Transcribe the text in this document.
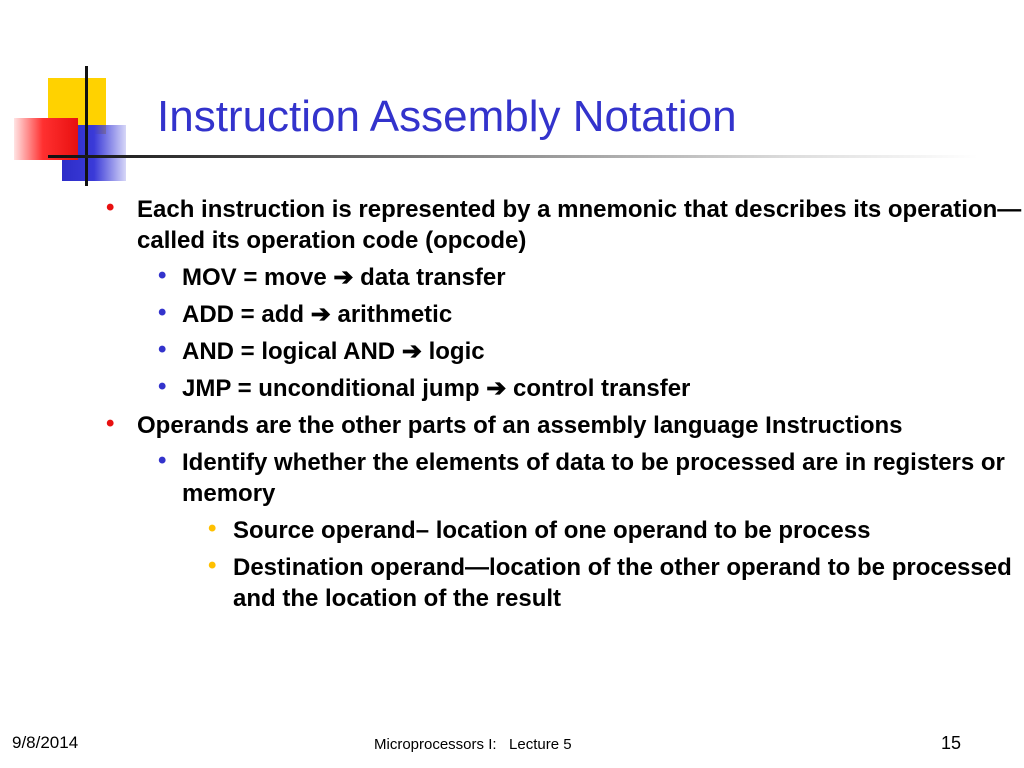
Instruction Assembly Notation
• Each instruction is represented by a mnemonic that describes its operation—called its operation code (opcode)
• MOV = move ➔ data transfer
• ADD = add ➔ arithmetic
• AND = logical AND ➔ logic
• JMP = unconditional jump ➔ control transfer
• Operands are the other parts of an assembly language Instructions
• Identify whether the elements of data to be processed are in registers or memory
• Source operand– location of one operand to be process
• Destination operand—location of the other operand to be processed and the location of the result
9/8/2014	Microprocessors I:   Lecture 5	15
